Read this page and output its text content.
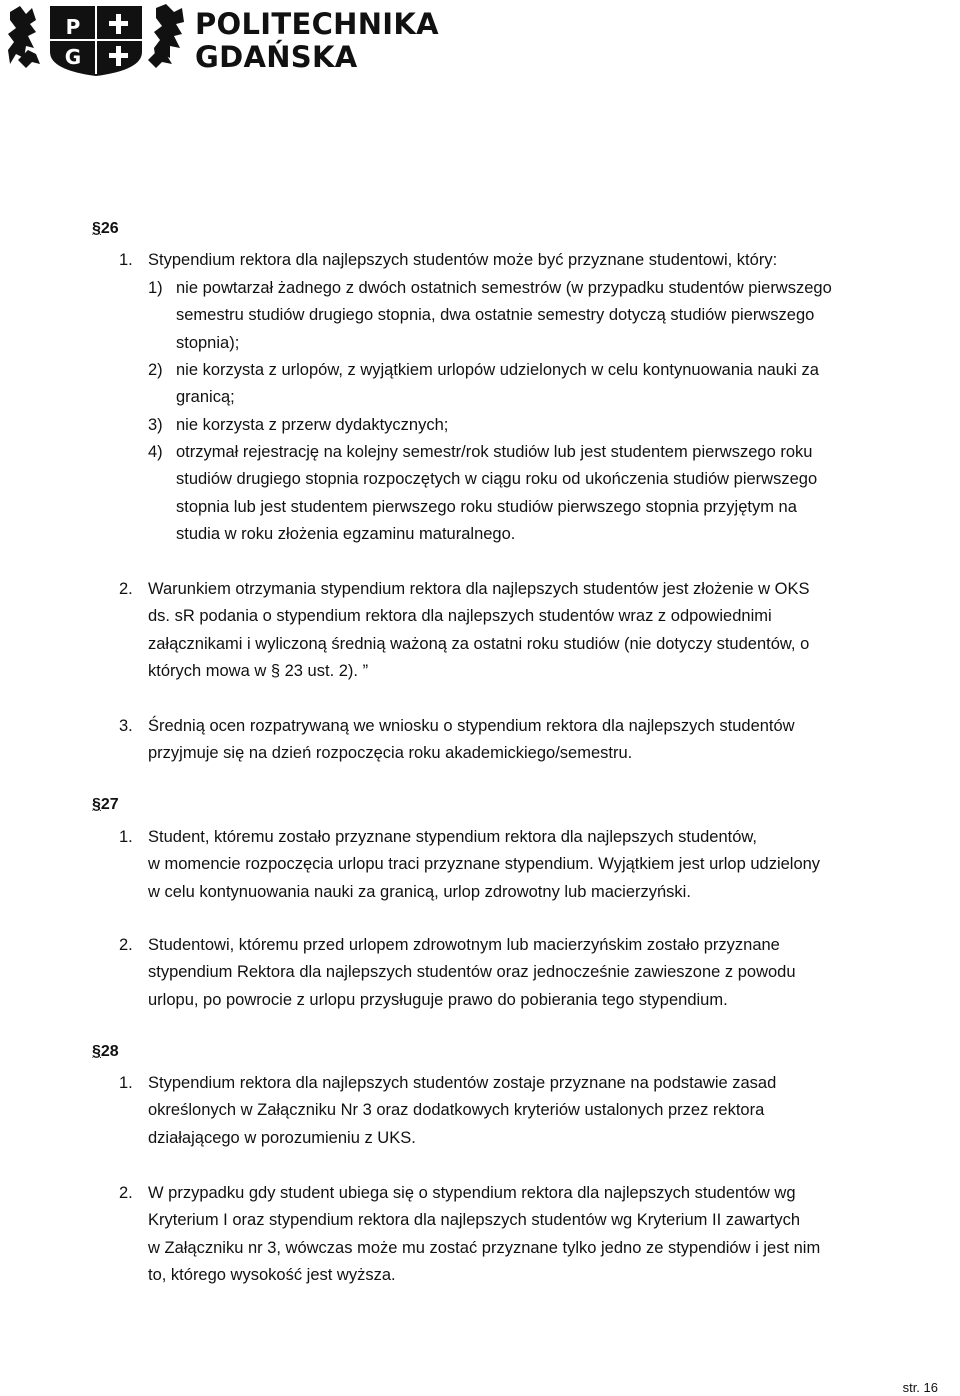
P
G
POLITECHNIKA
GDAŃSKA
§26
1. Stypendium rektora dla najlepszych studentów może być przyznane studentowi, który:
1) nie powtarzał żadnego z dwóch ostatnich semestrów (w przypadku studentów pierwszego
semestru studiów drugiego stopnia, dwa ostatnie semestry dotyczą studiów pierwszego
stopnia);
2) nie korzysta z urlopów, z wyjątkiem urlopów udzielonych w celu kontynuowania nauki za
granicą;
3) nie korzysta z przerw dydaktycznych;
4) otrzymał rejestrację na kolejny semestr/rok studiów lub jest studentem pierwszego roku
studiów drugiego stopnia rozpoczętych w ciągu roku od ukończenia studiów pierwszego
stopnia lub jest studentem pierwszego roku studiów pierwszego stopnia przyjętym na
studia w roku złożenia egzaminu maturalnego.
2. Warunkiem otrzymania stypendium rektora dla najlepszych studentów jest złożenie w OKS
ds. sR podania o stypendium rektora dla najlepszych studentów wraz z odpowiednimi
załącznikami i wyliczoną średnią ważoną za ostatni roku studiów (nie dotyczy studentów, o
których mowa w § 23 ust. 2). ”
3. Średnią ocen rozpatrywaną we wniosku o stypendium rektora dla najlepszych studentów
przyjmuje się na dzień rozpoczęcia roku akademickiego/semestru.
§27
1. Student, któremu zostało przyznane stypendium rektora dla najlepszych studentów,
w momencie rozpoczęcia urlopu traci przyznane stypendium. Wyjątkiem jest urlop udzielony
w celu kontynuowania nauki za granicą, urlop zdrowotny lub macierzyński.
2. Studentowi, któremu przed urlopem zdrowotnym lub macierzyńskim zostało przyznane
stypendium Rektora dla najlepszych studentów oraz jednocześnie zawieszone z powodu
urlopu, po powrocie z urlopu przysługuje prawo do pobierania tego stypendium.
§28
1. Stypendium rektora dla najlepszych studentów zostaje przyznane na podstawie zasad
określonych w Załączniku Nr 3 oraz dodatkowych kryteriów ustalonych przez rektora
działającego w porozumieniu z UKS.
2. W przypadku gdy student ubiega się o stypendium rektora dla najlepszych studentów wg
Kryterium I oraz stypendium rektora dla najlepszych studentów wg Kryterium II zawartych
w Załączniku nr 3, wówczas może mu zostać przyznane tylko jedno ze stypendiów i jest nim
to, którego wysokość jest wyższa.
str. 16
